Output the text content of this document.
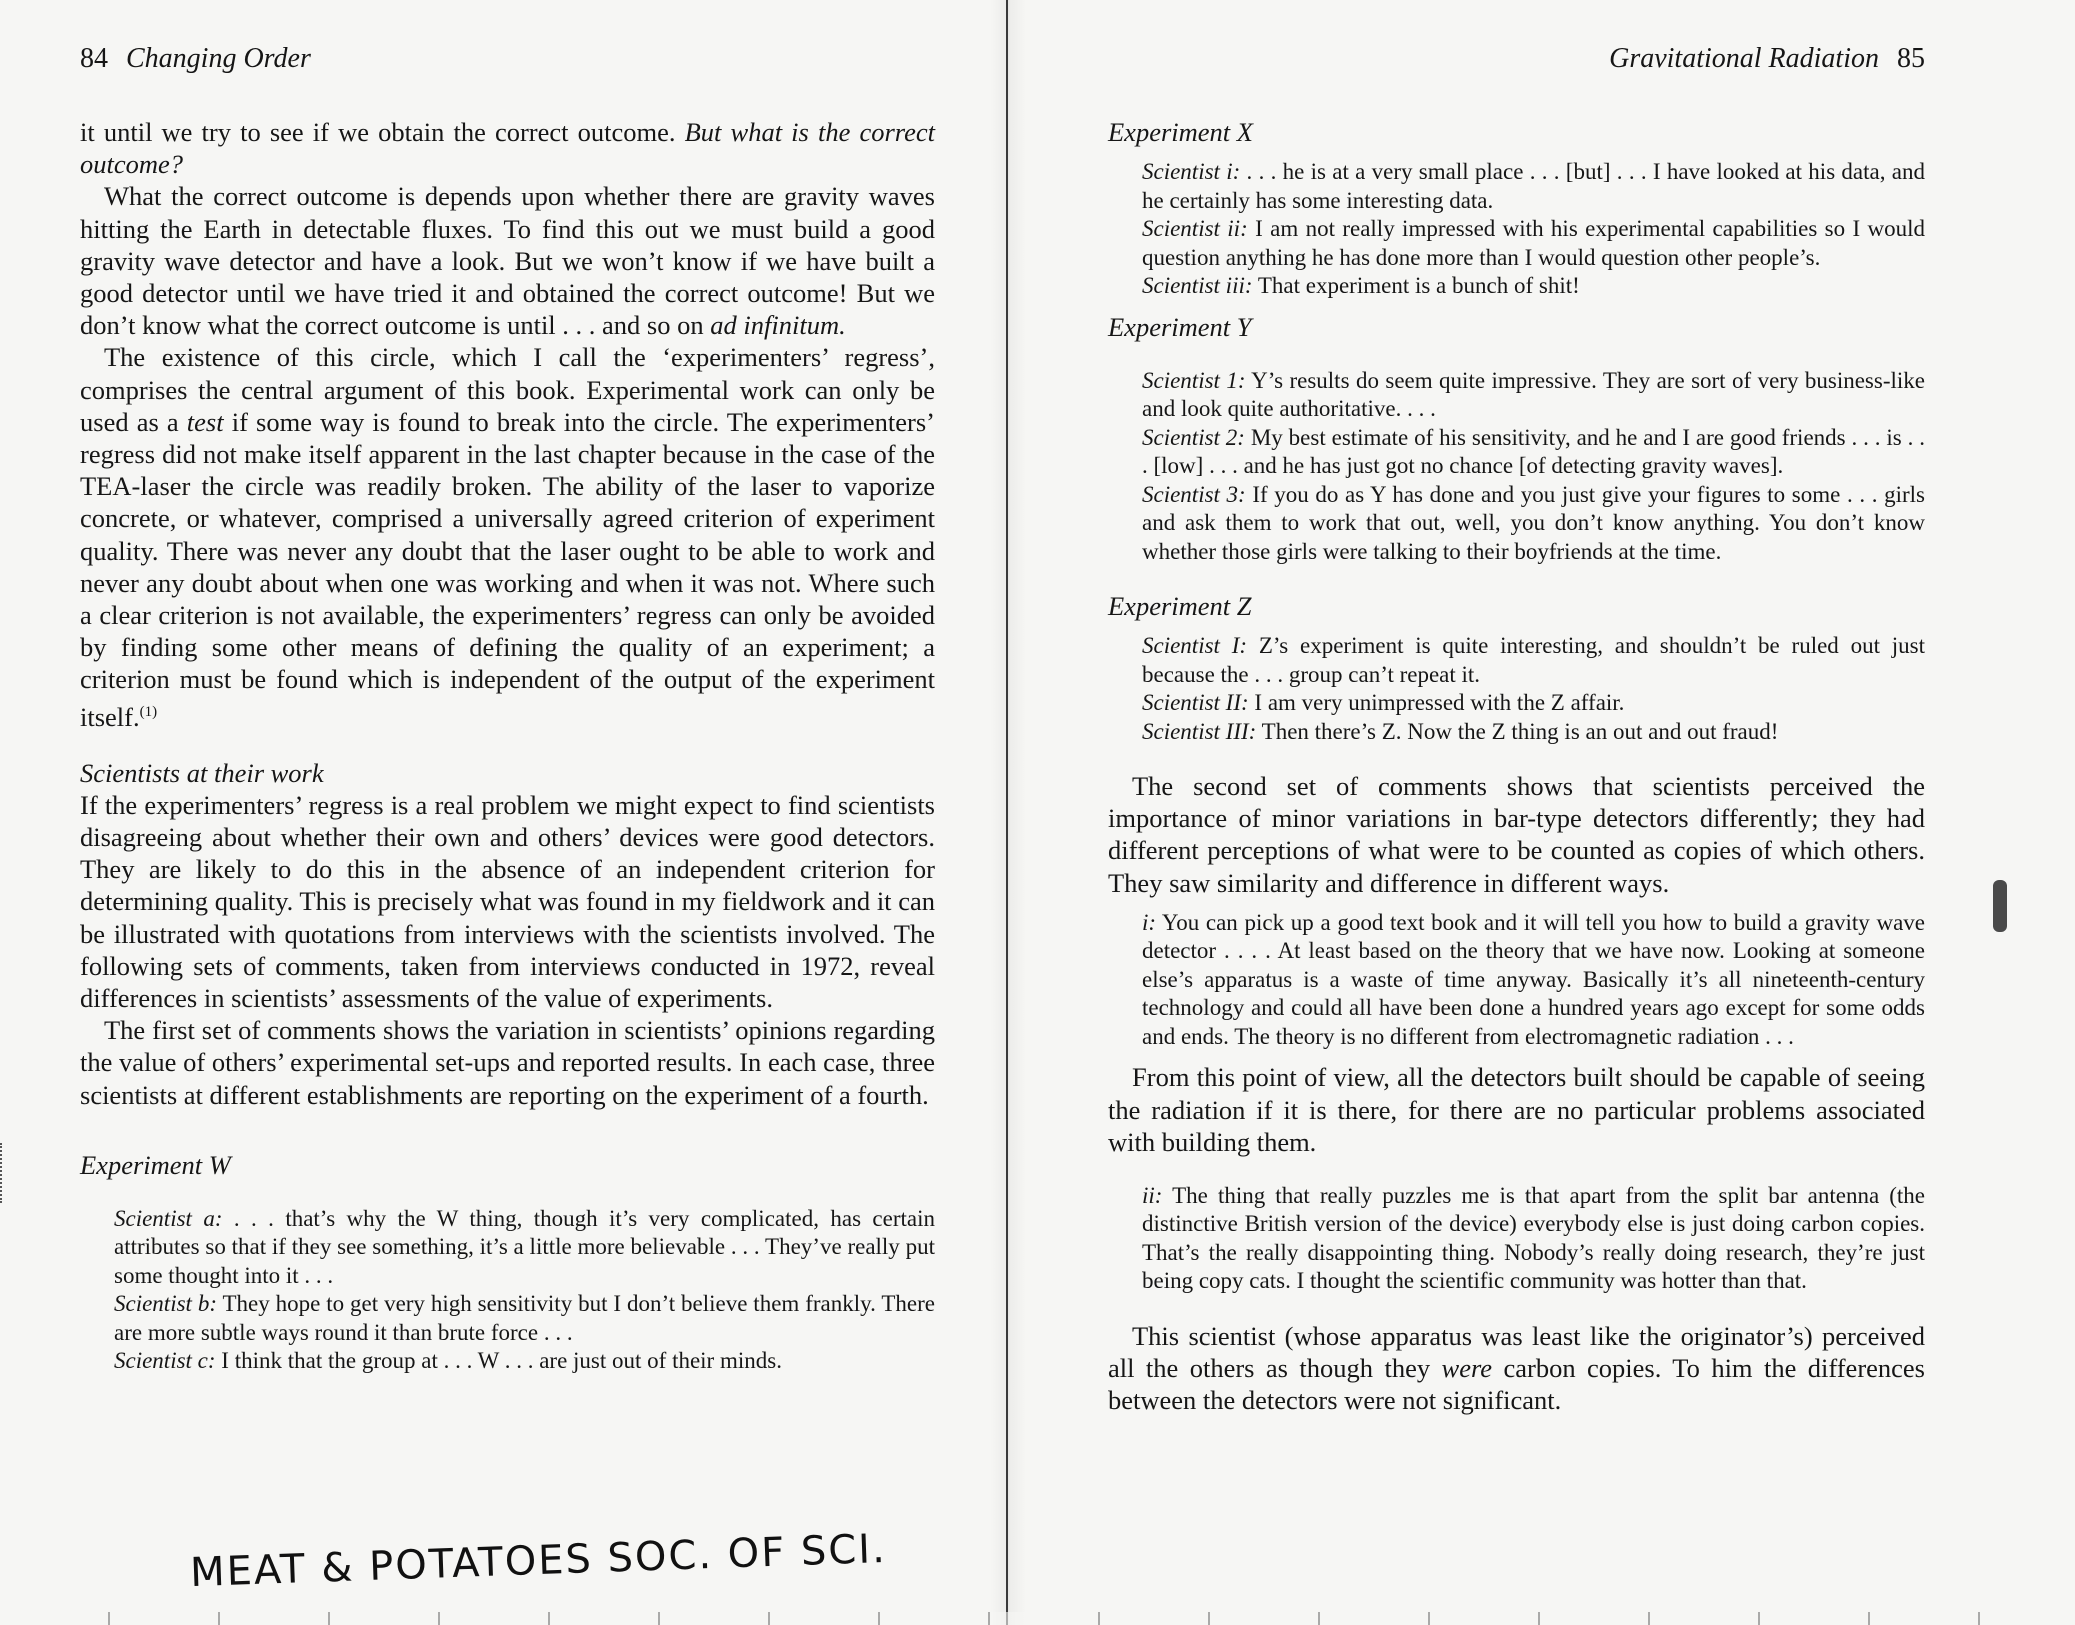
84 Changing Order

it until we try to see if we obtain the correct outcome. But what is the correct outcome?

What the correct outcome is depends upon whether there are gravity waves hitting the Earth in detectable fluxes. To find this out we must build a good gravity wave detector and have a look. But we won’t know if we have built a good detector until we have tried it and obtained the correct outcome! But we don’t know what the correct outcome is until . . . and so on ad infinitum.

The existence of this circle, which I call the ‘experimenters’ regress’, comprises the central argument of this book. Experimental work can only be used as a test if some way is found to break into the circle. The experimenters’ regress did not make itself apparent in the last chapter because in the case of the TEA-laser the circle was readily broken. The ability of the laser to vaporize concrete, or whatever, comprised a universally agreed criterion of experiment quality. There was never any doubt that the laser ought to be able to work and never any doubt about when one was working and when it was not. Where such a clear criterion is not available, the experimenters’ regress can only be avoided by finding some other means of defining the quality of an experiment; a criterion must be found which is independent of the output of the experiment itself.$^{(1)}$

Scientists at their work

If the experimenters’ regress is a real problem we might expect to find scientists disagreeing about whether their own and others’ devices were good detectors. They are likely to do this in the absence of an independent criterion for determining quality. This is precisely what was found in my fieldwork and it can be illustrated with quotations from interviews with the scientists involved. The following sets of comments, taken from interviews conducted in 1972, reveal differences in scientists’ assessments of the value of experiments.

The first set of comments shows the variation in scientists’ opinions regarding the value of others’ experimental set-ups and reported results. In each case, three scientists at different establishments are reporting on the experiment of a fourth.

Experiment W

Scientist a: . . . that’s why the W thing, though it’s very complicated, has certain attributes so that if they see something, it’s a little more believable . . . They’ve really put some thought into it . . .

Scientist b: They hope to get very high sensitivity but I don’t believe them frankly. There are more subtle ways round it than brute force . . .

Scientist c: I think that the group at . . . W . . . are just out of their minds.

MEAT & POTATOES SOC. OF SCI.
Gravitational Radiation 85

Experiment X

Scientist i: . . . he is at a very small place . . . [but] . . . I have looked at his data, and he certainly has some interesting data.

Scientist ii: I am not really impressed with his experimental capabilities so I would question anything he has done more than I would question other people’s.

Scientist iii: That experiment is a bunch of shit!

Experiment Y

Scientist 1: Y’s results do seem quite impressive. They are sort of very business-like and look quite authoritative. . . .

Scientist 2: My best estimate of his sensitivity, and he and I are good friends . . . is . . . [low] . . . and he has just got no chance [of detecting gravity waves].

Scientist 3: If you do as Y has done and you just give your figures to some . . . girls and ask them to work that out, well, you don’t know anything. You don’t know whether those girls were talking to their boyfriends at the time.

Experiment Z

Scientist I: Z’s experiment is quite interesting, and shouldn’t be ruled out just because the . . . group can’t repeat it.

Scientist II: I am very unimpressed with the Z affair.

Scientist III: Then there’s Z. Now the Z thing is an out and out fraud!

The second set of comments shows that scientists perceived the importance of minor variations in bar-type detectors differently; they had different perceptions of what were to be counted as copies of which others. They saw similarity and difference in different ways.

i: You can pick up a good text book and it will tell you how to build a gravity wave detector . . . . At least based on the theory that we have now. Looking at someone else’s apparatus is a waste of time anyway. Basically it’s all nineteenth-century technology and could all have been done a hundred years ago except for some odds and ends. The theory is no different from electromagnetic radiation . . .

From this point of view, all the detectors built should be capable of seeing the radiation if it is there, for there are no particular problems associated with building them.

ii: The thing that really puzzles me is that apart from the split bar antenna (the distinctive British version of the device) everybody else is just doing carbon copies. That’s the really disappointing thing. Nobody’s really doing research, they’re just being copy cats. I thought the scientific community was hotter than that.

This scientist (whose apparatus was least like the originator’s) perceived all the others as though they were carbon copies. To him the differences between the detectors were not significant.
